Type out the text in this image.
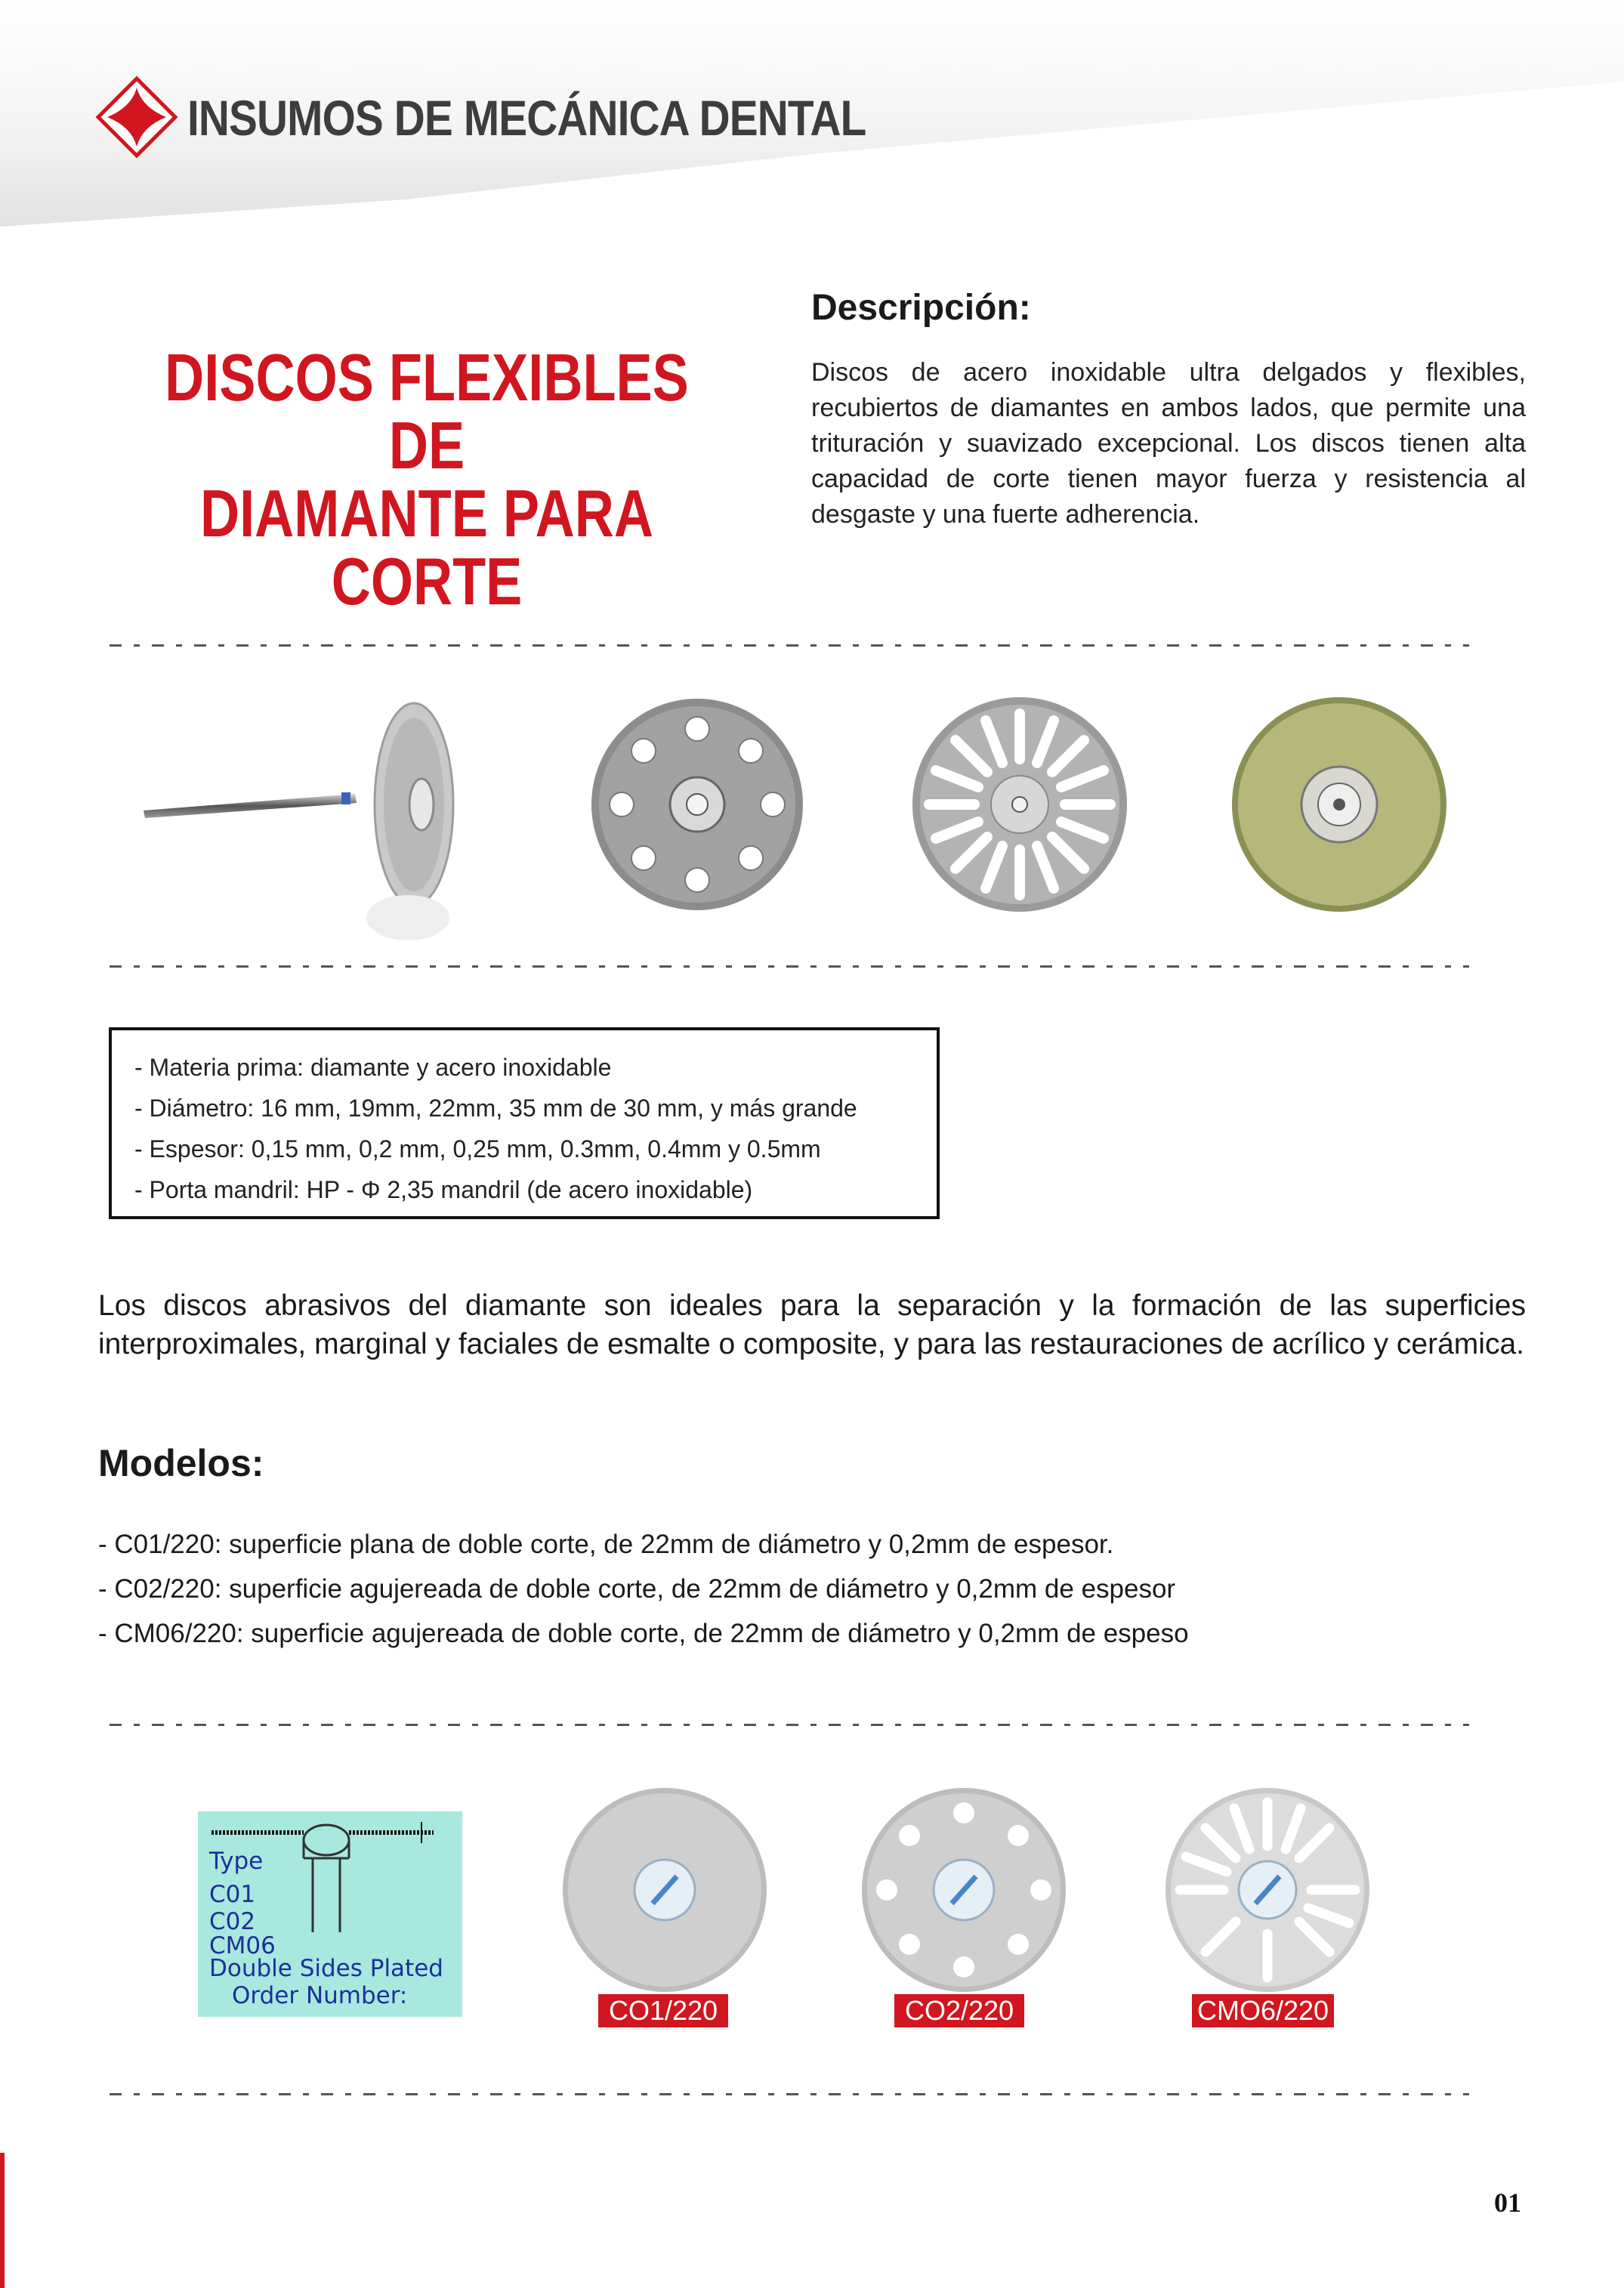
INSUMOS DE MECÁNICA DENTAL
DISCOS FLEXIBLES DE
DIAMANTE PARA CORTE
Descripción:
Discos de acero inoxidable ultra delgados y flexibles, recubiertos de diamantes en ambos lados, que permite una trituración y suavizado excepcional. Los discos tienen alta capacidad de corte tienen mayor fuerza y resistencia al desgaste y una fuerte adherencia.
- Materia prima: diamante y acero inoxidable
- Diámetro: 16 mm, 19mm, 22mm, 35 mm de 30 mm, y más grande
- Espesor: 0,15 mm, 0,2 mm, 0,25 mm, 0.3mm, 0.4mm y 0.5mm
- Porta mandril: HP - Φ 2,35 mandril (de acero inoxidable)
Los discos abrasivos del diamante son ideales para la separación y la formación de las superficies interproximales, marginal y faciales de esmalte o composite, y para las restauraciones de acrílico y cerámica.
Modelos:
- C01/220: superficie plana de doble corte, de 22mm de diámetro y 0,2mm de espesor.
- C02/220: superficie agujereada de doble corte, de 22mm de diámetro y 0,2mm de espesor
- CM06/220: superficie agujereada de doble corte, de 22mm de diámetro y 0,2mm de espeso
Type
C01
C02
CM06
Double Sides Plated
Order Number:	CO1/220	CO2/220	CMO6/220
01
